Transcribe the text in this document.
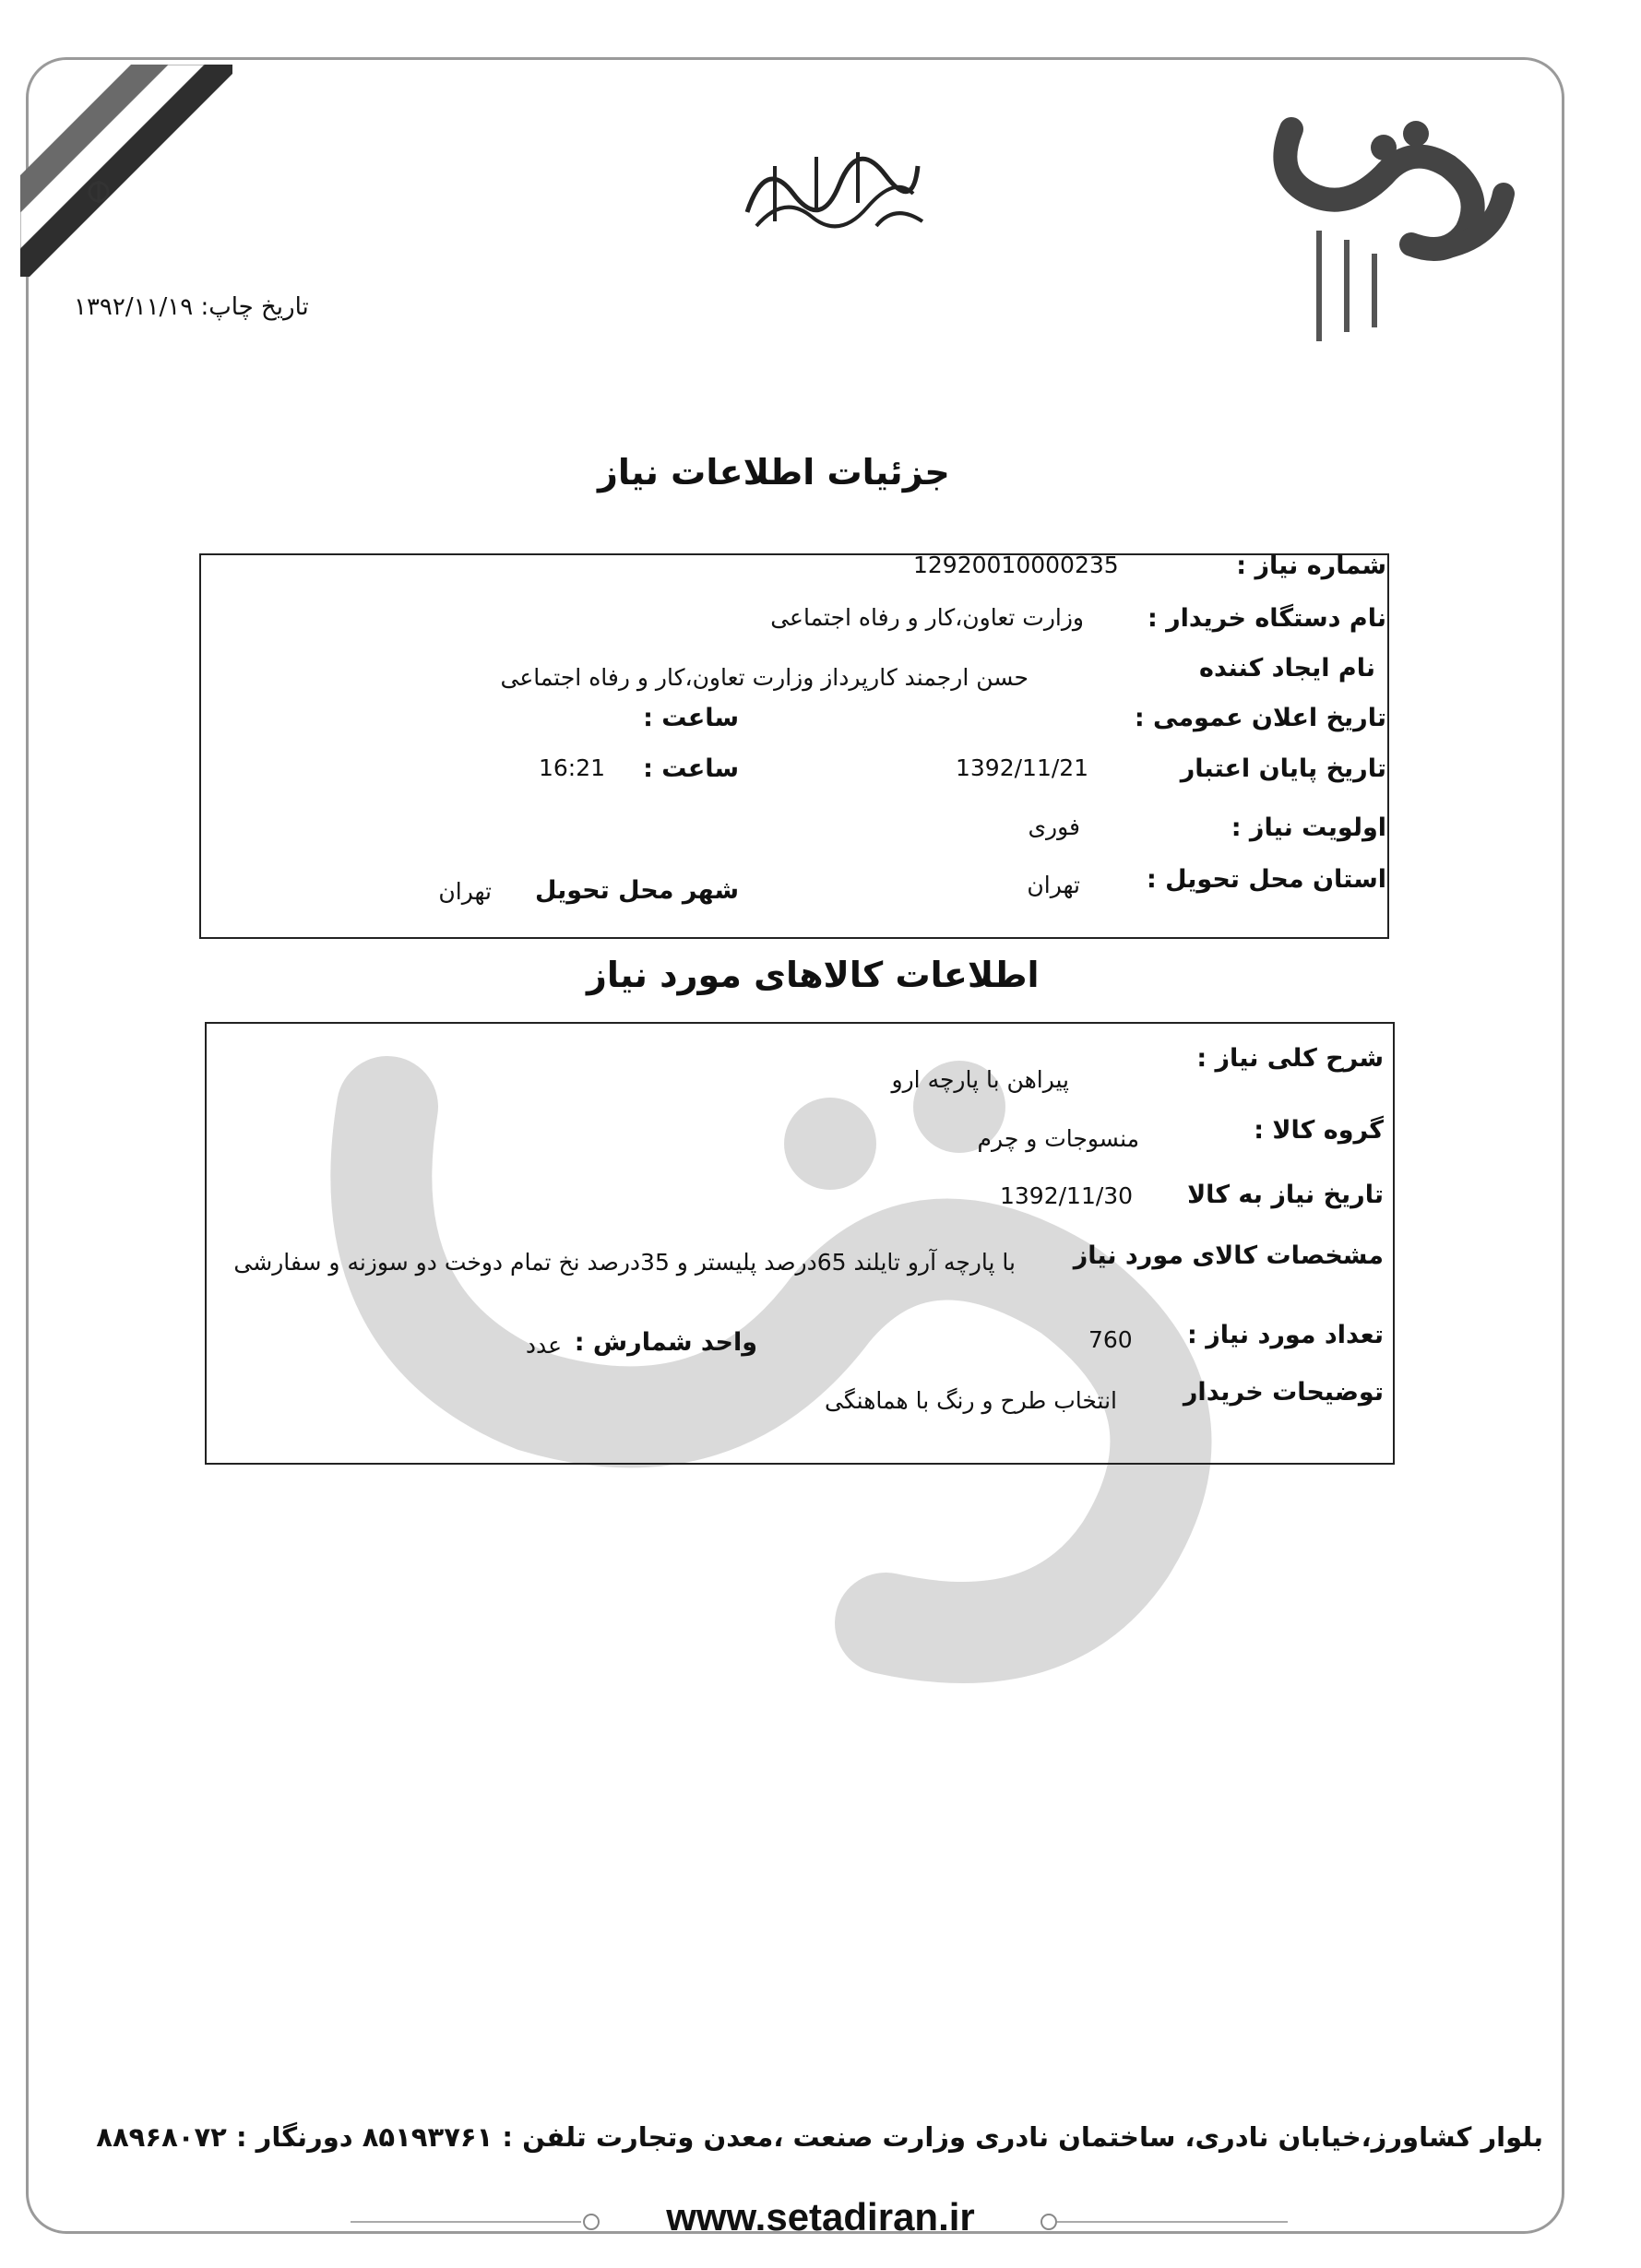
تاریخ چاپ: ۱۳۹۲/۱۱/۱۹
جزئیات اطلاعات نیاز
شماره نیاز :
12920010000235
نام دستگاه خریدار :
وزارت تعاون،کار و رفاه اجتماعی
نام ایجاد کننده
حسن ارجمند کارپرداز وزارت تعاون،کار و رفاه اجتماعی
تاریخ اعلان عمومی :
ساعت :
تاریخ پایان اعتبار
1392/11/21
ساعت :
16:21
اولویت نیاز :
فوری
استان محل تحویل :
تهران
شهر محل تحویل
تهران
اطلاعات کالاهای مورد نیاز
شرح کلی نیاز :
پیراهن با پارچه ارو
گروه کالا :
منسوجات و چرم
تاریخ نیاز به کالا
1392/11/30
مشخصات کالای مورد نیاز
با پارچه آرو تایلند 65درصد پلیستر و 35درصد نخ تمام دوخت دو سوزنه و سفارشی
تعداد مورد نیاز :
760
واحد شمارش :
عدد
توضیحات خریدار
انتخاب طرح و رنگ با هماهنگی
بلوار کشاورز،خیابان نادری، ساختمان نادری وزارت صنعت ،معدن وتجارت تلفن : ۸۵۱۹۳۷۶۱ دورنگار : ۸۸۹۶۸۰۷۲
www.setadiran.ir
